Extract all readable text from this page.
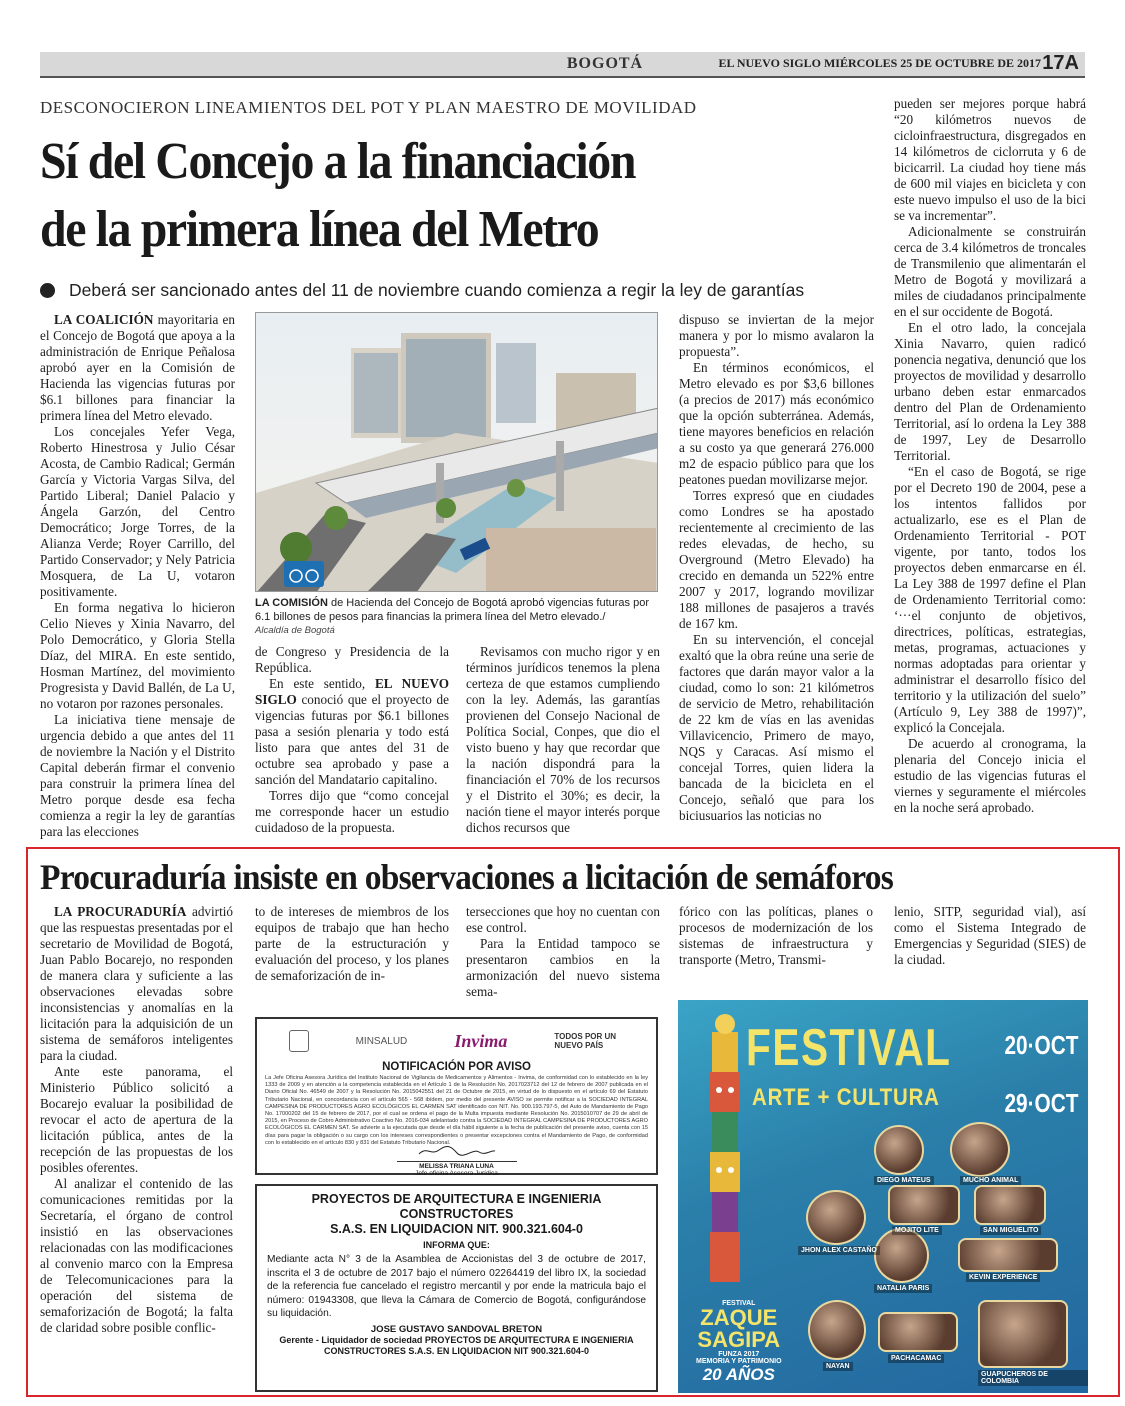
BOGOTÁ	EL NUEVO SIGLO MIÉRCOLES 25 DE OCTUBRE DE 2017 17A
DESCONOCIERON LINEAMIENTOS DEL POT Y PLAN MAESTRO DE MOVILIDAD
Sí del Concejo a la financiación
de la primera línea del Metro
Deberá ser sancionado antes del 11 de noviembre cuando comienza a regir la ley de garantías

LA COALICIÓN mayoritaria en el Concejo de Bogotá que apoya a la administración de Enrique Peñalosa aprobó ayer en la Comisión de Hacienda las vigencias futuras por $6.1 billones para financiar la primera línea del Metro elevado.

Los concejales Yefer Vega, Roberto Hinestrosa y Julio César Acosta, de Cambio Radical; Germán García y Victoria Vargas Silva, del Partido Liberal; Daniel Palacio y Ángela Garzón, del Centro Democrático; Jorge Torres, de la Alianza Verde; Royer Carrillo, del Partido Conservador; y Nely Patricia Mosquera, de La U, votaron positivamente.

En forma negativa lo hicieron Celio Nieves y Xinia Navarro, del Polo Democrático, y Gloria Stella Díaz, del MIRA. En este sentido, Hosman Martínez, del movimiento Progresista y David Ballén, de La U, no votaron por razones personales.

La iniciativa tiene mensaje de urgencia debido a que antes del 11 de noviembre la Nación y el Distrito Capital deberán firmar el convenio para construir la primera línea del Metro porque desde esa fecha comienza a regir la ley de garantías para las elecciones

LA COMISIÓN de Hacienda del Concejo de Bogotá aprobó vigencias futuras por 6.1 billones de pesos para financias la primera línea del Metro elevado./
Alcaldía de Bogotá

de Congreso y Presidencia de la República.

En este sentido, EL NUEVO SIGLO conoció que el proyecto de vigencias futuras por $6.1 billones pasa a sesión plenaria y todo está listo para que antes del 31 de octubre sea aprobado y pase a sanción del Mandatario capitalino.

Torres dijo que “como concejal me corresponde hacer un estudio cuidadoso de la propuesta.

Revisamos con mucho rigor y en términos jurídicos tenemos la plena certeza de que estamos cumpliendo con la ley. Además, las garantías provienen del Consejo Nacional de Política Social, Conpes, que dio el visto bueno y hay que recordar que la nación dispondrá para la financiación el 70% de los recursos y el Distrito el 30%; es decir, la nación tiene el mayor interés porque dichos recursos que

dispuso se inviertan de la mejor manera y por lo mismo avalaron la propuesta”.

En términos económicos, el Metro elevado es por $3,6 billones (a precios de 2017) más económico que la opción subterránea. Además, tiene mayores beneficios en relación a su costo ya que generará 276.000 m2 de espacio público para que los peatones puedan movilizarse mejor.

Torres expresó que en ciudades como Londres se ha apostado recientemente al crecimiento de las redes elevadas, de hecho, su Overground (Metro Elevado) ha crecido en demanda un 522% entre 2007 y 2017, logrando movilizar 188 millones de pasajeros a través de 167 km.

En su intervención, el concejal exaltó que la obra reúne una serie de factores que darán mayor valor a la ciudad, como lo son: 21 kilómetros de servicio de Metro, rehabilitación de 22 km de vías en las avenidas Villavicencio, Primero de mayo, NQS y Caracas. Así mismo el concejal Torres, quien lidera la bancada de la bicicleta en el Concejo, señaló que para los biciusuarios las noticias no

pueden ser mejores porque habrá “20 kilómetros nuevos de cicloinfraestructura, disgregados en 14 kilómetros de ciclorruta y 6 de bicicarril. La ciudad hoy tiene más de 600 mil viajes en bicicleta y con este nuevo impulso el uso de la bici se va incrementar”.

Adicionalmente se construirán cerca de 3.4 kilómetros de troncales de Transmilenio que alimentarán el Metro de Bogotá y movilizará a miles de ciudadanos principalmente en el sur occidente de Bogotá.

En el otro lado, la concejala Xinia Navarro, quien radicó ponencia negativa, denunció que los proyectos de movilidad y desarrollo urbano deben estar enmarcados dentro del Plan de Ordenamiento Territorial, así lo ordena la Ley 388 de 1997, Ley de Desarrollo Territorial.

“En el caso de Bogotá, se rige por el Decreto 190 de 2004, pese a los intentos fallidos por actualizarlo, ese es el Plan de Ordenamiento Territorial - POT vigente, por tanto, todos los proyectos deben enmarcarse en él. La Ley 388 de 1997 define el Plan de Ordenamiento Territorial como: ‘···el conjunto de objetivos, directrices, políticas, estrategias, metas, programas, actuaciones y normas adoptadas para orientar y administrar el desarrollo físico del territorio y la utilización del suelo” (Artículo 9, Ley 388 de 1997)”, explicó la Concejala.

De acuerdo al cronograma, la plenaria del Concejo inicia el estudio de las vigencias futuras el viernes y seguramente el miércoles en la noche será aprobado.

Procuraduría insiste en observaciones a licitación de semáforos

LA PROCURADURÍA advirtió que las respuestas presentadas por el secretario de Movilidad de Bogotá, Juan Pablo Bocarejo, no responden de manera clara y suficiente a las observaciones elevadas sobre inconsistencias y anomalías en la licitación para la adquisición de un sistema de semáforos inteligentes para la ciudad.

Ante este panorama, el Ministerio Público solicitó a Bocarejo evaluar la posibilidad de revocar el acto de apertura de la licitación pública, antes de la recepción de las propuestas de los posibles oferentes.

Al analizar el contenido de las comunicaciones remitidas por la Secretaría, el órgano de control insistió en las observaciones relacionadas con las modificaciones al convenio marco con la Empresa de Telecomunicaciones para la operación del sistema de semaforización de Bogotá; la falta de claridad sobre posible conflic-

to de intereses de miembros de los equipos de trabajo que han hecho parte de la estructuración y evaluación del proceso, y los planes de semaforización de in-

tersecciones que hoy no cuentan con ese control.

Para la Entidad tampoco se presentaron cambios en la armonización del nuevo sistema sema-

fórico con las políticas, planes o procesos de modernización de los sistemas de infraestructura y transporte (Metro, Transmi-

lenio, SITP, seguridad vial), así como el Sistema Integrado de Emergencias y Seguridad (SIES) de la ciudad.

MINSALUD	Invima	TODOS POR UN NUEVO PAÍS
NOTIFICACIÓN POR AVISO
La Jefe Oficina Asesora Jurídica del Instituto Nacional de Vigilancia de Medicamentos y Alimentos - Invima, de conformidad con lo establecido en la ley 1333 de 2009 y en atención a la competencia establecida en el Artículo 1 de la Resolución No. 2017023712 del 12 de febrero de 2007 publicada en el Diario Oficial No. 46549 de 2007 y la Resolución No. 2015042551 del 21 de Octubre de 2015, en virtud de lo dispuesto en el artículo 69 del Estatuto Tributario Nacional, en concordancia con el artículo 565 - 568 ibídem, por medio del presente AVISO se permite notificar a la SOCIEDAD INTEGRAL CAMPESINA DE PRODUCTORES AGRO ECOLÓGICOS EL CARMEN SAT identificado con NIT. No. 900.193.797-5, del Auto de Mandamiento de Pago No. 17000202 del 15 de febrero de 2017, por el cual se ordena el pago de la Multa impuesta mediante Resolución No. 2015010707 de 29 de abril de 2015, en Proceso de Cobro Administrativo Coactivo No. 2016-034 adelantado contra la SOCIEDAD INTEGRAL CAMPESINA DE PRODUCTORES AGRO ECOLÓGICOS EL CARMEN SAT. Se advierte a la ejecutada que desde el día hábil siguiente a la fecha de publicación del presente aviso, cuenta con 15 días para pagar la obligación o su cargo con los intereses correspondientes o presentar excepciones contra el Mandamiento de Pago, de conformidad con lo establecido en el artículo 830 y 831 del Estatuto Tributario Nacional.
MELISSA TRIANA LUNA
Jefe oficina Asesora Jurídica
PROYECTOS DE ARQUITECTURA E INGENIERIA CONSTRUCTORES
S.A.S. EN LIQUIDACION NIT. 900.321.604-0
INFORMA QUE:
Mediante acta N° 3 de la Asamblea de Accionistas del 3 de octubre de 2017, inscrita el 3 de octubre de 2017 bajo el número 02264419 del libro IX, la sociedad de la referencia fue cancelado el registro mercantil y por ende la matricula bajo el número: 01943308, que lleva la Cámara de Comercio de Bogotá, configurándose su liquidación.
JOSE GUSTAVO SANDOVAL BRETON
Gerente - Liquidador de sociedad PROYECTOS DE ARQUITECTURA E INGENIERIA CONSTRUCTORES S.A.S. EN LIQUIDACION NIT 900.321.604-0
FESTIVAL
ARTE + CULTURA
20·OCT
29·OCT
DIEGO MATEUS	MUCHO ANIMAL
MOJITO LITE	SAN MIGUELITO
JHON ALEX CASTAÑO
NATALIA PARIS
KEVIN EXPERIENCE
NAYAN
PACHACAMAC
GUAPUCHEROS DE COLOMBIA
FESTIVAL
ZAQUE
SAGIPA
FUNZA 2017
MEMORIA Y PATRIMONIO
20 AÑOS
